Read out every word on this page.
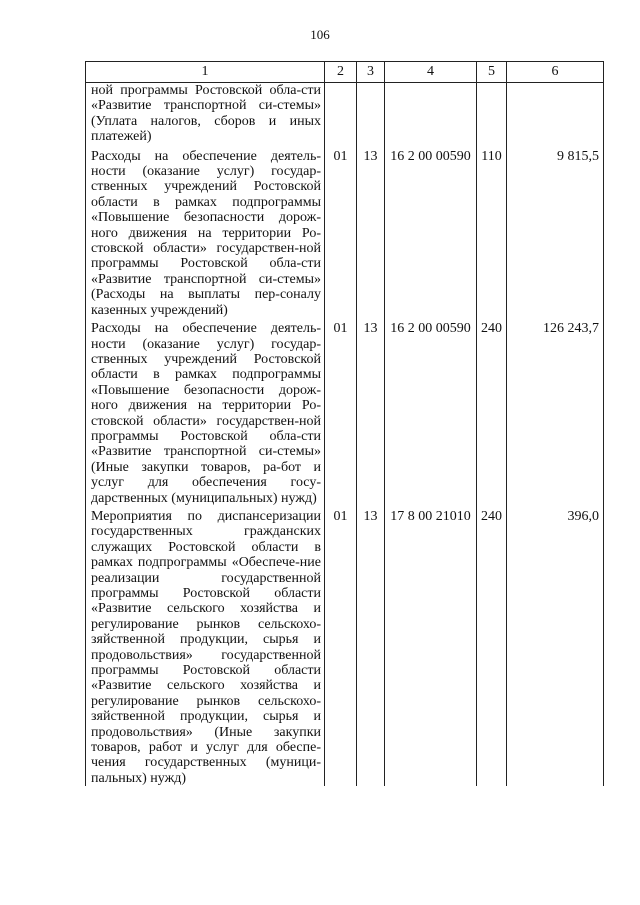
106
1	2	3	4	5	6
ной программы Ростовской обла-сти «Развитие транспортной си-стемы» (Уплата налогов, сборов и иных платежей)					
Расходы на обеспечение деятель-ности (оказание услуг) государ-ственных учреждений Ростовской области в рамках подпрограммы «Повышение безопасности дорож-ного движения на территории Ро-стовской области» государствен-ной программы Ростовской обла-сти «Развитие транспортной си-стемы» (Расходы на выплаты пер-соналу казенных учреждений)	01	13	16 2 00 00590	110	9 815,5
Расходы на обеспечение деятель-ности (оказание услуг) государ-ственных учреждений Ростовской области в рамках подпрограммы «Повышение безопасности дорож-ного движения на территории Ро-стовской области» государствен-ной программы Ростовской обла-сти «Развитие транспортной си-стемы» (Иные закупки товаров, ра-бот и услуг для обеспечения госу-дарственных (муниципальных) нужд)	01	13	16 2 00 00590	240	126 243,7
Мероприятия по диспансеризации государственных гражданских служащих Ростовской области в рамках подпрограммы «Обеспече-ние реализации государственной программы Ростовской области «Развитие сельского хозяйства и регулирование рынков сельскохо-зяйственной продукции, сырья и продовольствия» государственной программы Ростовской области «Развитие сельского хозяйства и регулирование рынков сельскохо-зяйственной продукции, сырья и продовольствия» (Иные закупки товаров, работ и услуг для обеспе-чения государственных (муници-пальных) нужд)	01	13	17 8 00 21010	240	396,0
